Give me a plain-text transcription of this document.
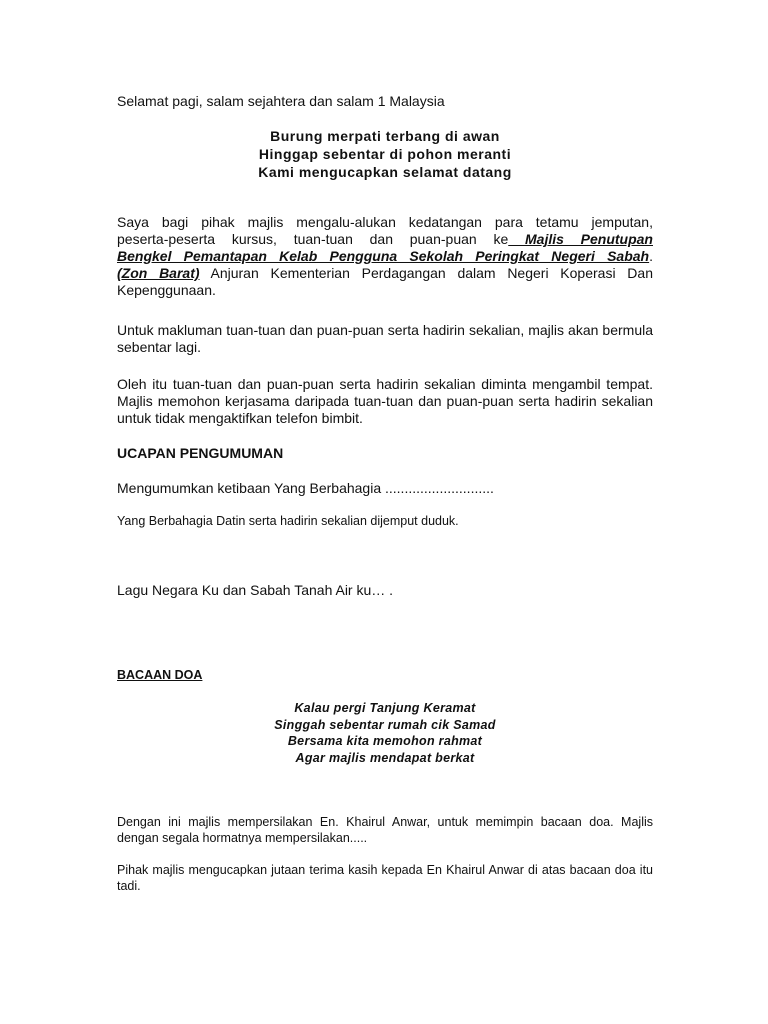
Selamat pagi, salam sejahtera dan salam 1 Malaysia
Burung merpati terbang di awan
Hinggap sebentar di pohon meranti
Kami mengucapkan selamat datang
Saya bagi pihak majlis mengalu-alukan kedatangan para tetamu jemputan,
peserta-peserta kursus, tuan-tuan dan puan-puan ke Majlis Penutupan
Bengkel Pemantapan Kelab Pengguna Sekolah Peringkat Negeri Sabah.
(Zon Barat) Anjuran Kementerian Perdagangan dalam Negeri Koperasi Dan
Kepenggunaan.
Untuk makluman tuan-tuan dan puan-puan serta hadirin sekalian, majlis akan bermula sebentar lagi.
Oleh itu tuan-tuan dan puan-puan serta hadirin sekalian diminta mengambil tempat. Majlis memohon kerjasama daripada tuan-tuan dan puan-puan serta hadirin sekalian untuk tidak mengaktifkan telefon bimbit.
UCAPAN PENGUMUMAN
Mengumumkan ketibaan Yang Berbahagia ............................
Yang Berbahagia Datin serta hadirin sekalian dijemput duduk.
Lagu Negara Ku dan Sabah Tanah Air ku… .
BACAAN DOA
Kalau pergi Tanjung Keramat
Singgah sebentar rumah cik Samad
Bersama kita memohon rahmat
Agar majlis mendapat berkat
Dengan ini majlis mempersilakan En. Khairul Anwar, untuk memimpin bacaan doa. Majlis dengan segala hormatnya mempersilakan.....
Pihak majlis mengucapkan jutaan terima kasih kepada En Khairul Anwar di atas bacaan doa itu tadi.
